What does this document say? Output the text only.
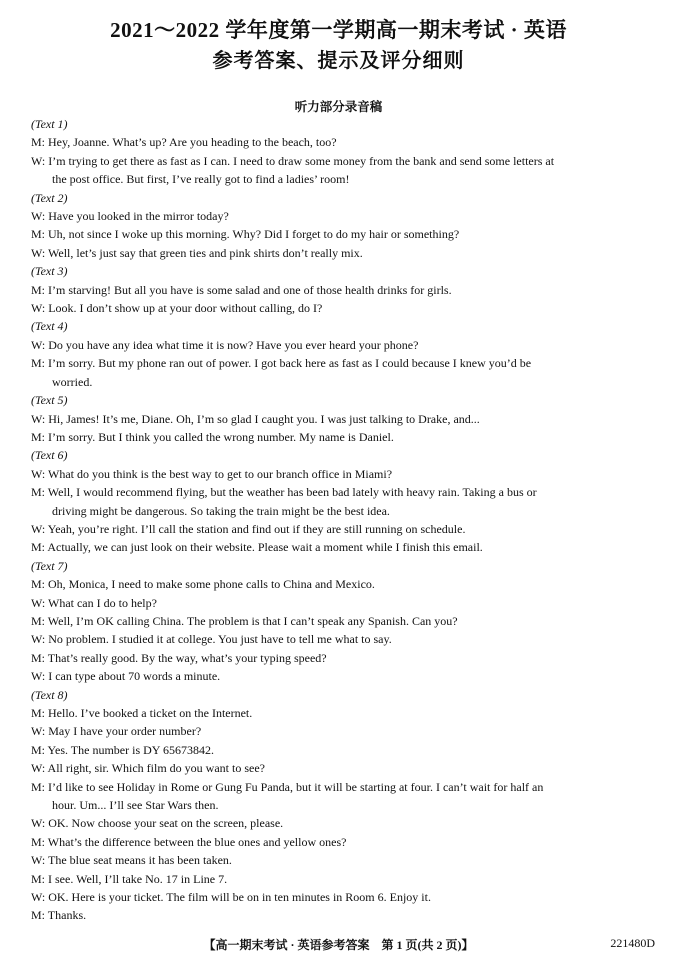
2021～2022 学年度第一学期高一期末考试 · 英语
参考答案、提示及评分细则
听力部分录音稿
(Text 1)
M: Hey, Joanne. What’s up? Are you heading to the beach, too?
W: I’m trying to get there as fast as I can. I need to draw some money from the bank and send some letters at
the post office. But first, I’ve really got to find a ladies’ room!
(Text 2)
W: Have you looked in the mirror today?
M: Uh, not since I woke up this morning. Why? Did I forget to do my hair or something?
W: Well, let’s just say that green ties and pink shirts don’t really mix.
(Text 3)
M: I’m starving! But all you have is some salad and one of those health drinks for girls.
W: Look. I don’t show up at your door without calling, do I?
(Text 4)
W: Do you have any idea what time it is now? Have you ever heard your phone?
M: I’m sorry. But my phone ran out of power. I got back here as fast as I could because I knew you’d be
worried.
(Text 5)
W: Hi, James! It’s me, Diane. Oh, I’m so glad I caught you. I was just talking to Drake, and...
M: I’m sorry. But I think you called the wrong number. My name is Daniel.
(Text 6)
W: What do you think is the best way to get to our branch office in Miami?
M: Well, I would recommend flying, but the weather has been bad lately with heavy rain. Taking a bus or
driving might be dangerous. So taking the train might be the best idea.
W: Yeah, you’re right. I’ll call the station and find out if they are still running on schedule.
M: Actually, we can just look on their website. Please wait a moment while I finish this email.
(Text 7)
M: Oh, Monica, I need to make some phone calls to China and Mexico.
W: What can I do to help?
M: Well, I’m OK calling China. The problem is that I can’t speak any Spanish. Can you?
W: No problem. I studied it at college. You just have to tell me what to say.
M: That’s really good. By the way, what’s your typing speed?
W: I can type about 70 words a minute.
(Text 8)
M: Hello. I’ve booked a ticket on the Internet.
W: May I have your order number?
M: Yes. The number is DY 65673842.
W: All right, sir. Which film do you want to see?
M: I’d like to see Holiday in Rome or Gung Fu Panda, but it will be starting at four. I can’t wait for half an
hour. Um... I’ll see Star Wars then.
W: OK. Now choose your seat on the screen, please.
M: What’s the difference between the blue ones and yellow ones?
W: The blue seat means it has been taken.
M: I see. Well, I’ll take No. 17 in Line 7.
W: OK. Here is your ticket. The film will be on in ten minutes in Room 6. Enjoy it.
M: Thanks.
【高一期末考试 · 英语参考答案　第 1 页(共 2 页)】	221480D
